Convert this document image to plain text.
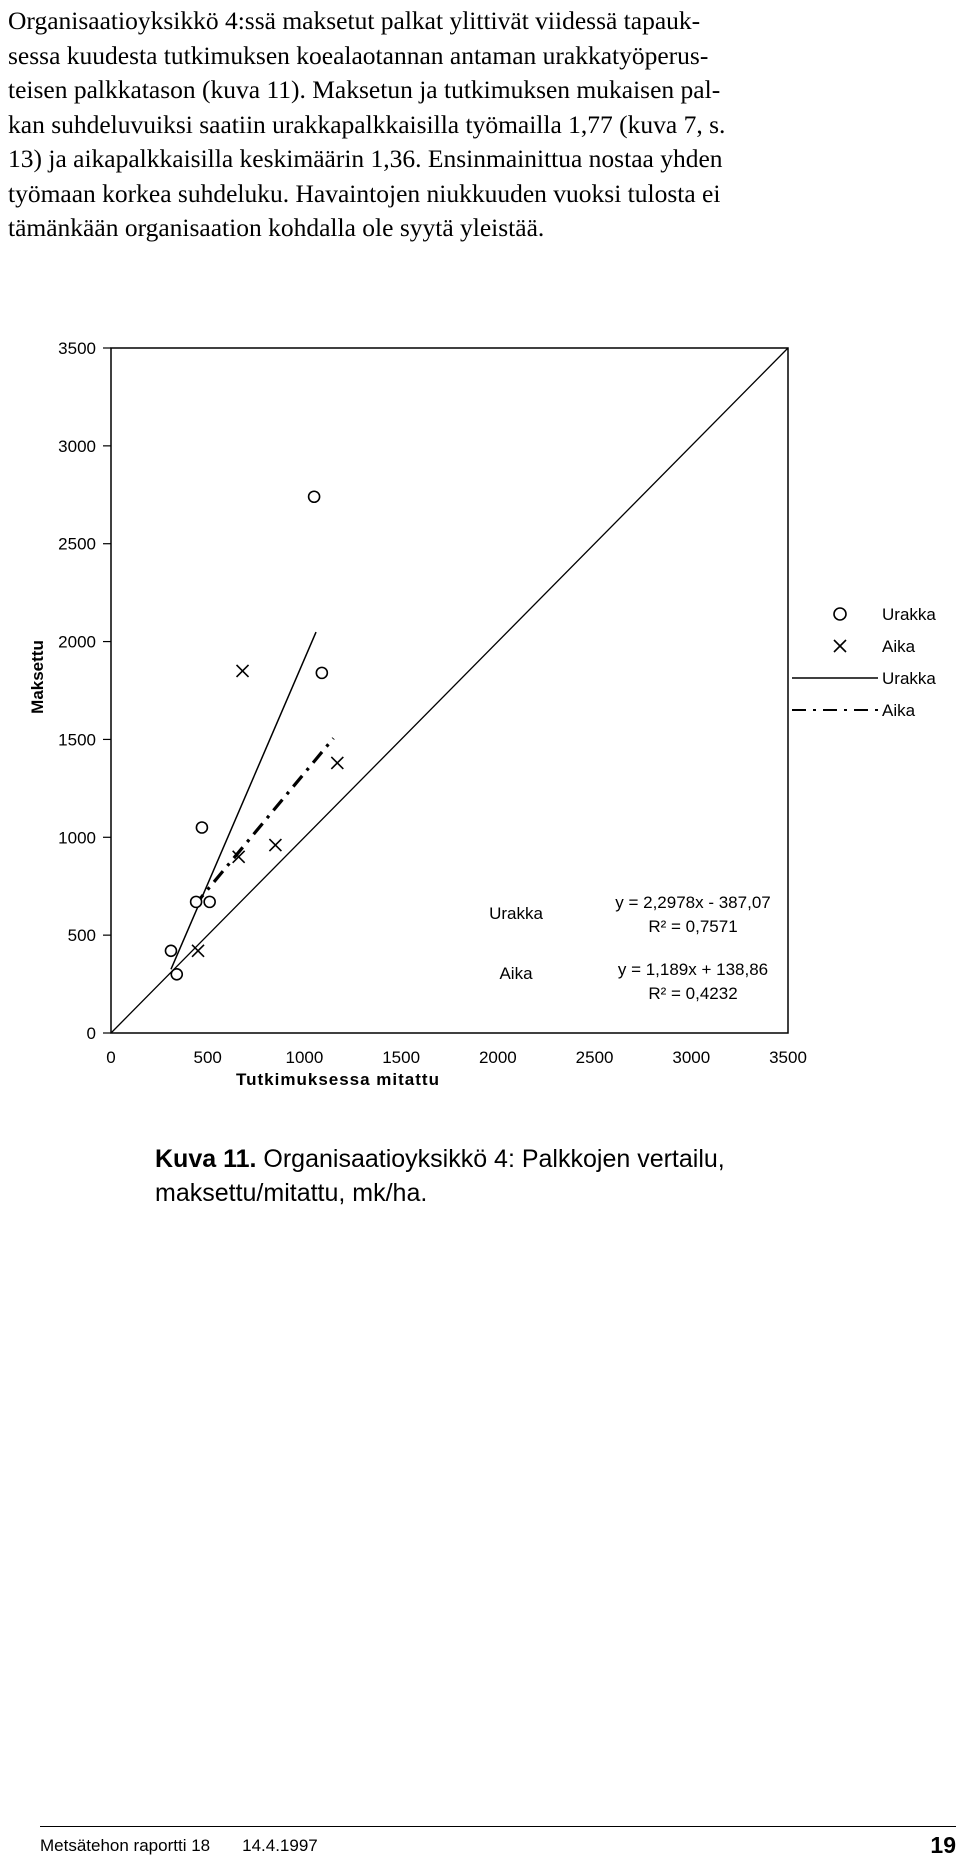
Organisaatioyksikkö 4:ssä maksetut palkat ylittivät viidessä tapauk-
sessa kuudesta tutkimuksen koealaotannan antaman urakkatyöperus-
teisen palkkatason (kuva 11). Maksetun ja tutkimuksen mukaisen pal-
kan suhdeluvuiksi saatiin urakkapalkkaisilla työmailla 1,77 (kuva 7, s.
13) ja aikapalkkaisilla keskimäärin 1,36. Ensinmainittua nostaa yhden
työmaan korkea suhdeluku. Havaintojen niukkuuden vuoksi tulosta ei
tämänkään organisaation kohdalla ole syytä yleistää.
0
500
1000
1500
2000
2500
3000
3500
0	500	1000	1500	2000	2500	3000	3500
Urakka
Aika
Urakka
Aika
Urakka
Aika
y = 2,2978x - 387,07
R² = 0,7571
y = 1,189x + 138,86
R² = 0,4232
Tutkimuksessa mitattu
Maksettu
Kuva 11. Organisaatioyksikkö 4: Palkkojen vertailu,
maksettu/mitattu, mk/ha.
Metsätehon raportti 18 14.4.1997	19
